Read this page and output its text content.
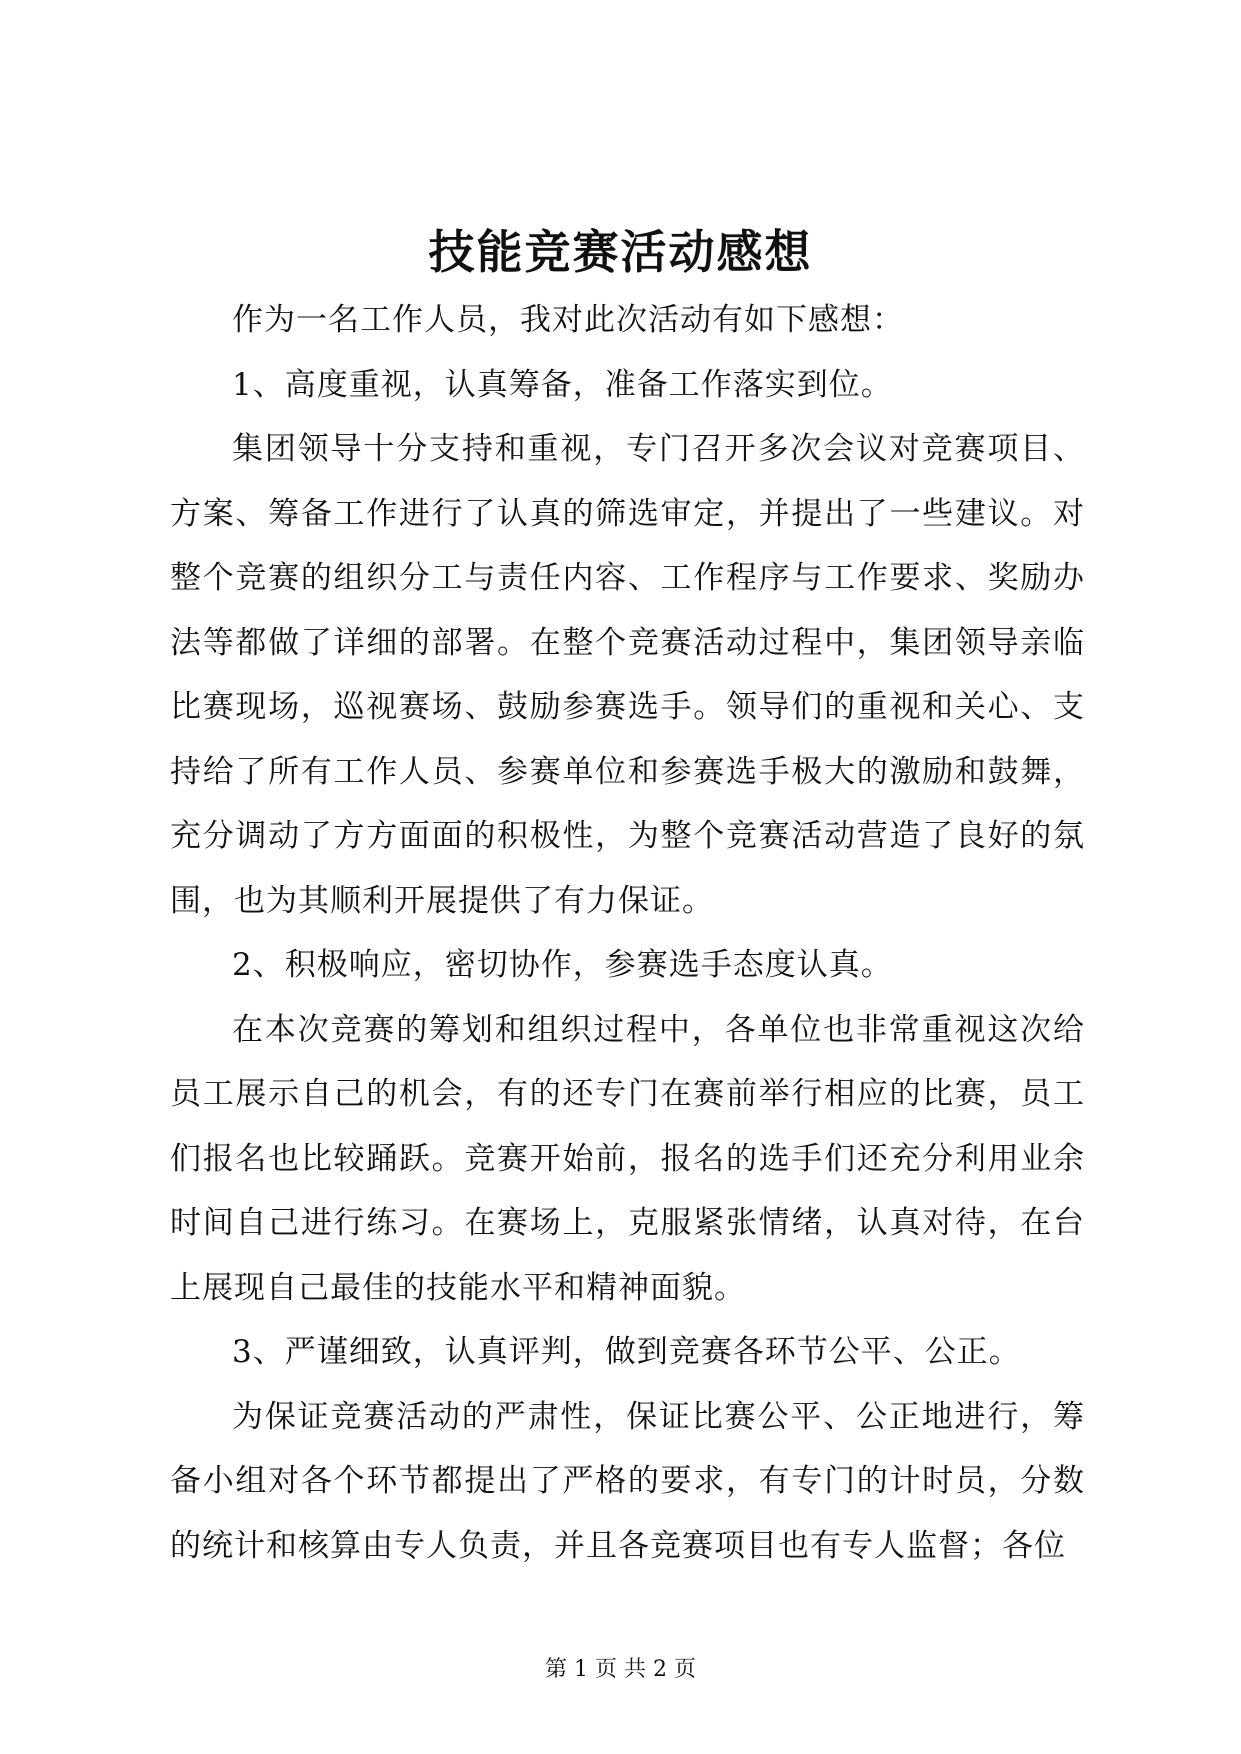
技能竞赛活动感想

作为一名工作人员，我对此次活动有如下感想：

1、高度重视，认真筹备，准备工作落实到位。

集团领导十分支持和重视，专门召开多次会议对竞赛项目、方案、筹备工作进行了认真的筛选审定，并提出了一些建议。对整个竞赛的组织分工与责任内容、工作程序与工作要求、奖励办法等都做了详细的部署。在整个竞赛活动过程中，集团领导亲临比赛现场，巡视赛场、鼓励参赛选手。领导们的重视和关心、支持给了所有工作人员、参赛单位和参赛选手极大的激励和鼓舞，充分调动了方方面面的积极性，为整个竞赛活动营造了良好的氛围，也为其顺利开展提供了有力保证。

2、积极响应，密切协作，参赛选手态度认真。

在本次竞赛的筹划和组织过程中，各单位也非常重视这次给员工展示自己的机会，有的还专门在赛前举行相应的比赛，员工们报名也比较踊跃。竞赛开始前，报名的选手们还充分利用业余时间自己进行练习。在赛场上，克服紧张情绪，认真对待，在台上展现自己最佳的技能水平和精神面貌。

3、严谨细致，认真评判，做到竞赛各环节公平、公正。

为保证竞赛活动的严肃性，保证比赛公平、公正地进行，筹备小组对各个环节都提出了严格的要求，有专门的计时员，分数的统计和核算由专人负责，并且各竞赛项目也有专人监督；各位

第 1 页 共 2 页
